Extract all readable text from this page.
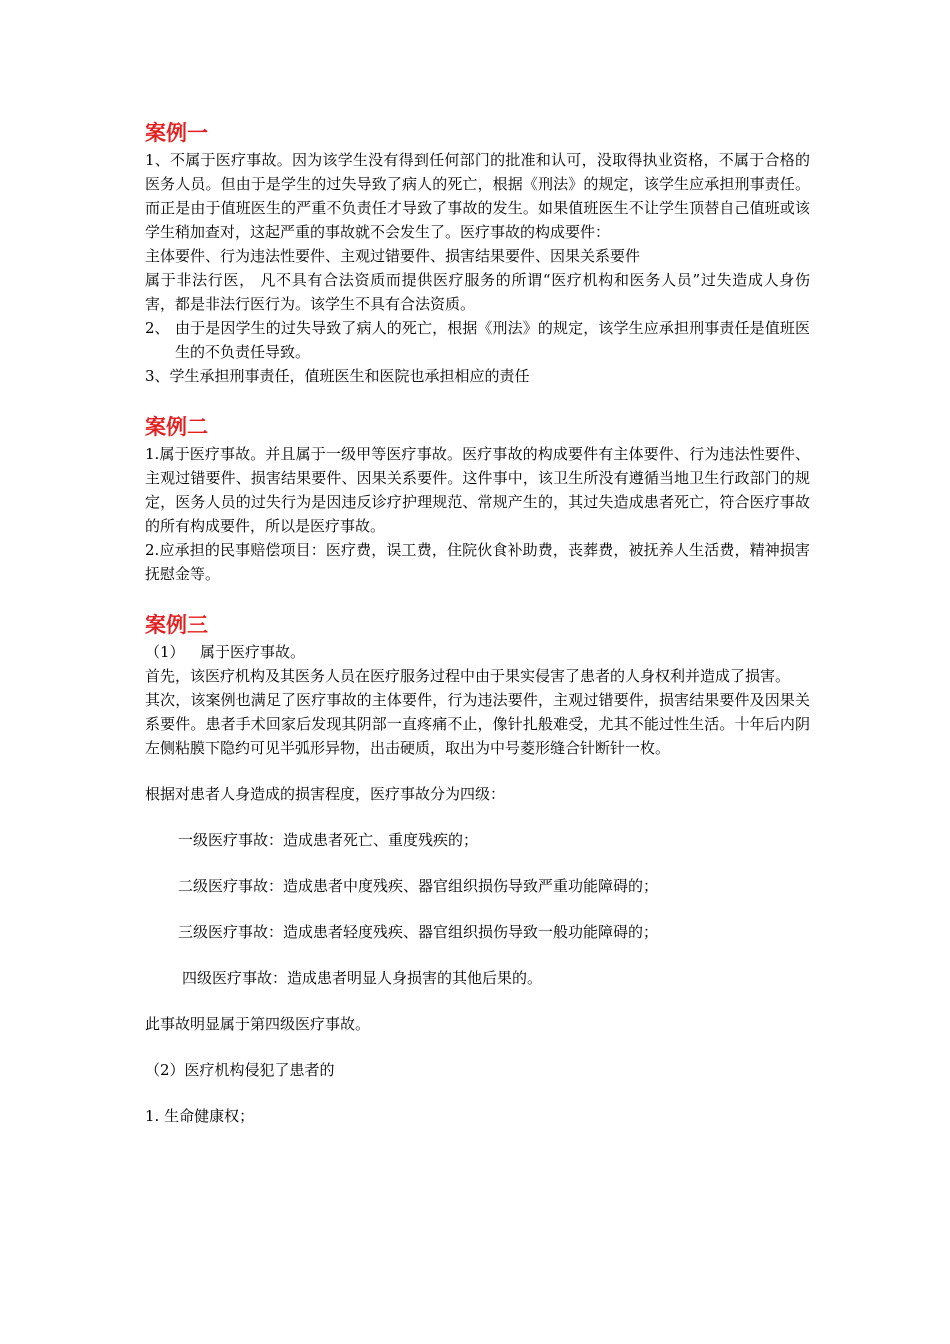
案例一

1、不属于医疗事故。因为该学生没有得到任何部门的批准和认可，没取得执业资格，不属于合格的医务人员。但由于是学生的过失导致了病人的死亡，根据《刑法》的规定，该学生应承担刑事责任。而正是由于值班医生的严重不负责任才导致了事故的发生。如果值班医生不让学生顶替自己值班或该学生稍加查对，这起严重的事故就不会发生了。医疗事故的构成要件：

主体要件、行为违法性要件、主观过错要件、损害结果要件、因果关系要件

属于非法行医， 凡不具有合法资质而提供医疗服务的所谓“医疗机构和医务人员”过失造成人身伤害，都是非法行医行为。该学生不具有合法资质。

2、 由于是因学生的过失导致了病人的死亡，根据《刑法》的规定，该学生应承担刑事责任是值班医生的不负责任导致。

3、学生承担刑事责任，值班医生和医院也承担相应的责任

案例二

1.属于医疗事故。并且属于一级甲等医疗事故。医疗事故的构成要件有主体要件、行为违法性要件、主观过错要件、损害结果要件、因果关系要件。这件事中，该卫生所没有遵循当地卫生行政部门的规定，医务人员的过失行为是因违反诊疗护理规范、常规产生的，其过失造成患者死亡，符合医疗事故的所有构成要件，所以是医疗事故。

2.应承担的民事赔偿项目：医疗费，误工费，住院伙食补助费，丧葬费，被抚养人生活费，精神损害抚慰金等。

案例三
（1）	属于医疗事故。

首先，该医疗机构及其医务人员在医疗服务过程中由于果实侵害了患者的人身权利并造成了损害。

其次，该案例也满足了医疗事故的主体要件，行为违法要件，主观过错要件，损害结果要件及因果关系要件。患者手术回家后发现其阴部一直疼痛不止，像针扎般难受，尤其不能过性生活。十年后内阴左侧粘膜下隐约可见半弧形异物，出击硬质，取出为中号菱形缝合针断针一枚。

根据对患者人身造成的损害程度，医疗事故分为四级：

一级医疗事故：造成患者死亡、重度残疾的；

二级医疗事故：造成患者中度残疾、器官组织损伤导致严重功能障碍的；

三级医疗事故：造成患者轻度残疾、器官组织损伤导致一般功能障碍的；

四级医疗事故：造成患者明显人身损害的其他后果的。

此事故明显属于第四级医疗事故。

（2）医疗机构侵犯了患者的

1. 生命健康权；
